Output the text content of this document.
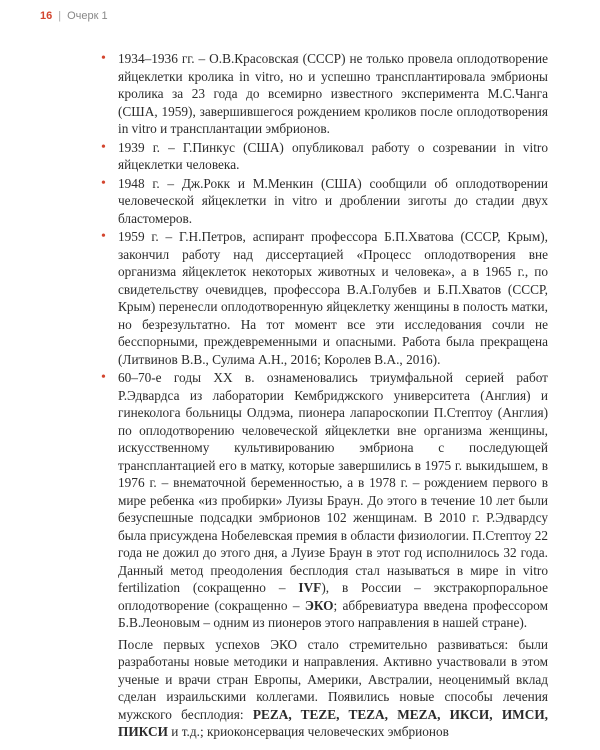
16 | Очерк 1
• 1934–1936 гг. – О.В.Красовская (СССР) не только провела оплодотворение яйцеклетки кролика in vitro, но и успешно трансплантировала эмбрионы кролика за 23 года до всемирно известного эксперимента М.С.Чанга (США, 1959), завершившегося рождением кроликов после оплодотворения in vitro и трансплантации эмбрионов.
• 1939 г. – Г.Пинкус (США) опубликовал работу о созревании in vitro яйцеклетки человека.
• 1948 г. – Дж.Рокк и М.Менкин (США) сообщили об оплодотворении человеческой яйцеклетки in vitro и дроблении зиготы до стадии двух бластомеров.
• 1959 г. – Г.Н.Петров, аспирант профессора Б.П.Хватова (СССР, Крым), закончил работу над диссертацией «Процесс оплодотворения вне организма яйцеклеток некоторых животных и человека», а в 1965 г., по свидетельству очевидцев, профессора В.А.Голубев и Б.П.Хватов (СССР, Крым) перенесли оплодотворенную яйцеклетку женщины в полость матки, но безрезультатно. На тот момент все эти исследования сочли не бесспорными, преждевременными и опасными. Работа была прекращена (Литвинов В.В., Сулима А.Н., 2016; Королев В.А., 2016).
• 60–70-е годы XX в. ознаменовались триумфальной серией работ Р.Эдвардса из лаборатории Кембриджского университета (Англия) и гинеколога больницы Олдэма, пионера лапароскопии П.Стептоу (Англия) по оплодотворению человеческой яйцеклетки вне организма женщины, искусственному культивированию эмбриона с последующей трансплантацией его в матку, которые завершились в 1975 г. выкидышем, в 1976 г. – внематочной беременностью, а в 1978 г. – рождением первого в мире ребенка «из пробирки» Луизы Браун. До этого в течение 10 лет были безуспешные подсадки эмбрионов 102 женщинам. В 2010 г. Р.Эдвардсу была присуждена Нобелевская премия в области физиологии. П.Стептоу 22 года не дожил до этого дня, а Луизе Браун в этот год исполнилось 32 года. Данный метод преодоления бесплодия стал называться в мире in vitro fertilization (сокращенно – IVF), в России – экстракорпоральное оплодотворение (сокращенно – ЭКО; аббревиатура введена профессором Б.В.Леоновым – одним из пионеров этого направления в нашей стране).

После первых успехов ЭКО стало стремительно развиваться: были разработаны новые методики и направления. Активно участвовали в этом ученые и врачи стран Европы, Америки, Австралии, неоценимый вклад сделан израильскими коллегами. Появились новые способы лечения мужского бесплодия: PEZA, TEZE, TEZA, MEZA, ИКСИ, ИМСИ, ПИКСИ и т.д.; криоконсервация человеческих эмбрионов
